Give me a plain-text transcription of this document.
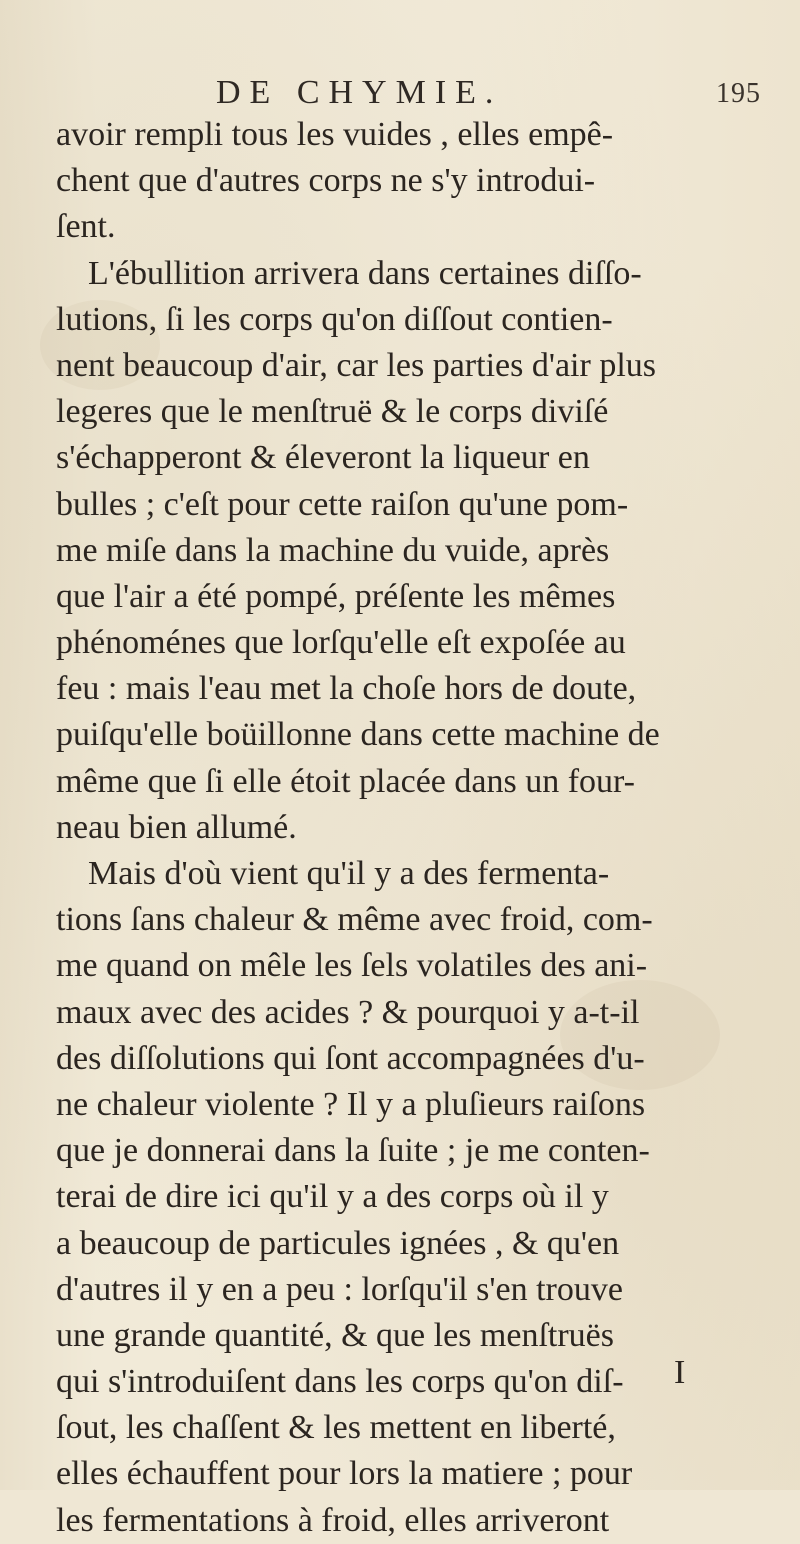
DE CHYMIE.	195
avoir rempli tous les vuides , elles empê-
chent que d'autres corps ne s'y introdui-
ſent.
L'ébullition arrivera dans certaines diſſo-
lutions, ſi les corps qu'on diſſout contien-
nent beaucoup d'air, car les parties d'air plus
legeres que le menſtruë & le corps diviſé
s'échapperont & éleveront la liqueur en
bulles ; c'eſt pour cette raiſon qu'une pom-
me miſe dans la machine du vuide, après
que l'air a été pompé, préſente les mêmes
phénoménes que lorſqu'elle eſt expoſée au
feu : mais l'eau met la choſe hors de doute,
puiſqu'elle boüillonne dans cette machine de
même que ſi elle étoit placée dans un four-
neau bien allumé.
Mais d'où vient qu'il y a des fermenta-
tions ſans chaleur & même avec froid, com-
me quand on mêle les ſels volatiles des ani-
maux avec des acides ? & pourquoi y a-t-il
des diſſolutions qui ſont accompagnées d'u-
ne chaleur violente ? Il y a pluſieurs raiſons
que je donnerai dans la ſuite ; je me conten-
terai de dire ici qu'il y a des corps où il y
a beaucoup de particules ignées , & qu'en
d'autres il y en a peu : lorſqu'il s'en trouve
une grande quantité, & que les menſtruës
qui s'introduiſent dans les corps qu'on diſ-
ſout, les chaſſent & les mettent en liberté,
elles échauffent pour lors la matiere ; pour
les fermentations à froid, elles arriveront
I
